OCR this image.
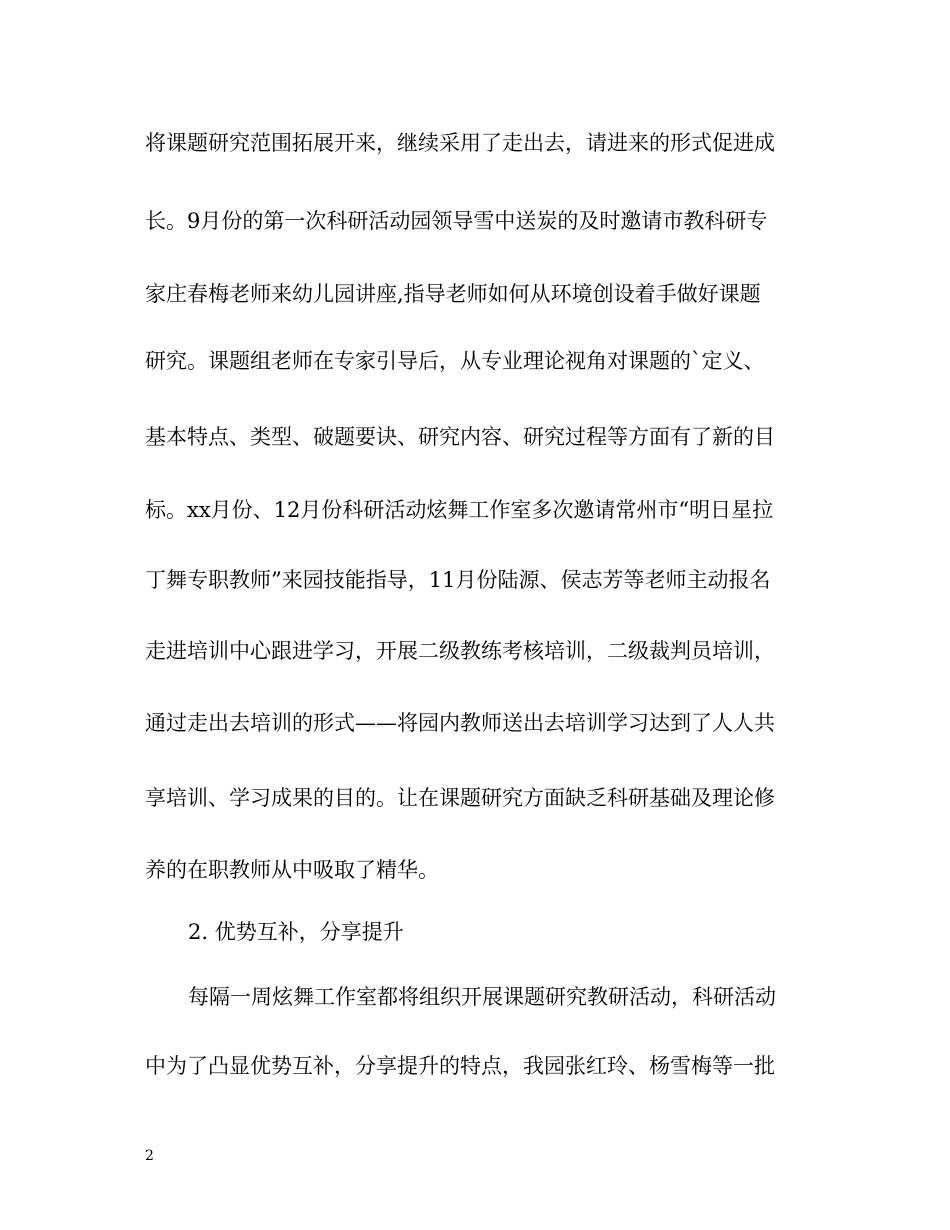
将课题研究范围拓展开来，继续采用了走出去，请进来的形式促进成
长。9月份的第一次科研活动园领导雪中送炭的及时邀请市教科研专
家庄春梅老师来幼儿园讲座,指导老师如何从环境创设着手做好课题
研究。课题组老师在专家引导后，从专业理论视角对课题的`定义、
基本特点、类型、破题要诀、研究内容、研究过程等方面有了新的目
标。xx月份、12月份科研活动炫舞工作室多次邀请常州市“明日星拉
丁舞专职教师”来园技能指导，11月份陆源、侯志芳等老师主动报名
走进培训中心跟进学习，开展二级教练考核培训，二级裁判员培训，
通过走出去培训的形式——将园内教师送出去培训学习达到了人人共
享培训、学习成果的目的。让在课题研究方面缺乏科研基础及理论修
养的在职教师从中吸取了精华。
2. 优势互补，分享提升
每隔一周炫舞工作室都将组织开展课题研究教研活动，科研活动
中为了凸显优势互补，分享提升的特点，我园张红玲、杨雪梅等一批
2
